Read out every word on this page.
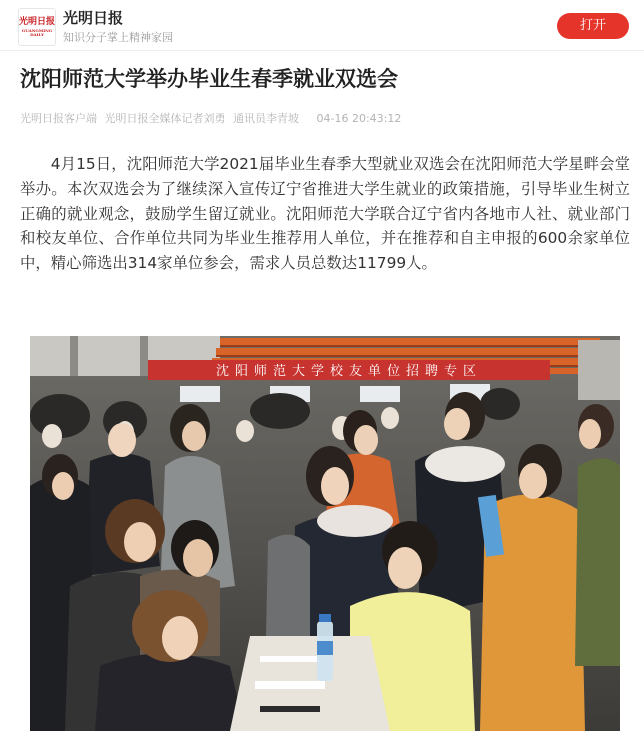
光明日报
GUANGMING DAILY
光明日报
知识分子掌上精神家园
打开
沈阳师范大学举办毕业生春季就业双选会
光明日报客户端 光明日报全媒体记者刘勇 通讯员李青坡 04-16 20:43:12

4月15日，沈阳师范大学2021届毕业生春季大型就业双选会在沈阳师范大学星畔会堂举办。本次双选会为了继续深入宣传辽宁省推进大学生就业的政策措施，引导毕业生树立正确的就业观念，鼓励学生留辽就业。沈阳师范大学联合辽宁省内各地市人社、就业部门和校友单位、合作单位共同为毕业生推荐用人单位，并在推荐和自主申报的600余家单位中，精心筛选出314家单位参会，需求人员总数达11799人。

沈阳师范大学校友单位招聘专区
